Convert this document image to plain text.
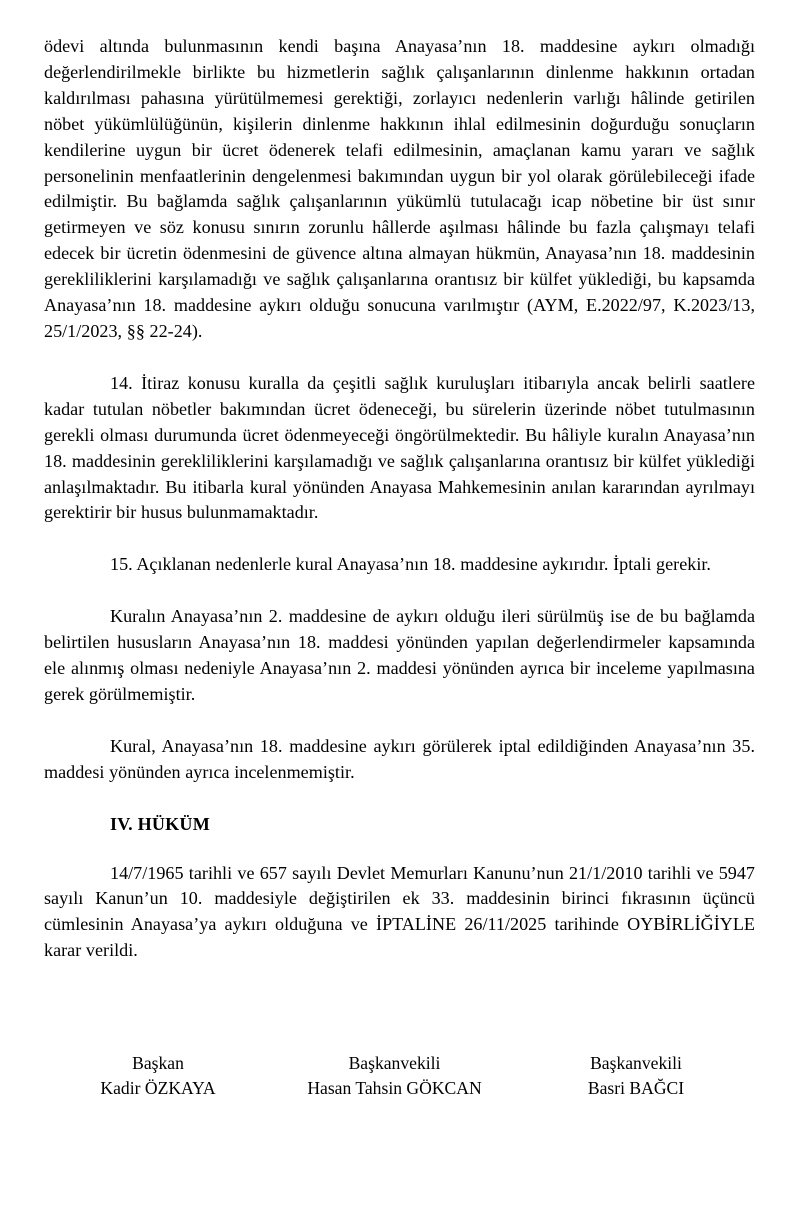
ödevi altında bulunmasının kendi başına Anayasa’nın 18. maddesine aykırı olmadığı değerlendirilmekle birlikte bu hizmetlerin sağlık çalışanlarının dinlenme hakkının ortadan kaldırılması pahasına yürütülmemesi gerektiği, zorlayıcı nedenlerin varlığı hâlinde getirilen nöbet yükümlülüğünün, kişilerin dinlenme hakkının ihlal edilmesinin doğurduğu sonuçların kendilerine uygun bir ücret ödenerek telafi edilmesinin, amaçlanan kamu yararı ve sağlık personelinin menfaatlerinin dengelenmesi bakımından uygun bir yol olarak görülebileceği ifade edilmiştir. Bu bağlamda sağlık çalışanlarının yükümlü tutulacağı icap nöbetine bir üst sınır getirmeyen ve söz konusu sınırın zorunlu hâllerde aşılması hâlinde bu fazla çalışmayı telafi edecek bir ücretin ödenmesini de güvence altına almayan hükmün, Anayasa’nın 18. maddesinin gerekliliklerini karşılamadığı ve sağlık çalışanlarına orantısız bir külfet yüklediği, bu kapsamda Anayasa’nın 18. maddesine aykırı olduğu sonucuna varılmıştır (AYM, E.2022/97, K.2023/13, 25/1/2023, §§ 22-24).

14. İtiraz konusu kuralla da çeşitli sağlık kuruluşları itibarıyla ancak belirli saatlere kadar tutulan nöbetler bakımından ücret ödeneceği, bu sürelerin üzerinde nöbet tutulmasının gerekli olması durumunda ücret ödenmeyeceği öngörülmektedir. Bu hâliyle kuralın Anayasa’nın 18. maddesinin gerekliliklerini karşılamadığı ve sağlık çalışanlarına orantısız bir külfet yüklediği anlaşılmaktadır. Bu itibarla kural yönünden Anayasa Mahkemesinin anılan kararından ayrılmayı gerektirir bir husus bulunmamaktadır.

15. Açıklanan nedenlerle kural Anayasa’nın 18. maddesine aykırıdır. İptali gerekir.

Kuralın Anayasa’nın 2. maddesine de aykırı olduğu ileri sürülmüş ise de bu bağlamda belirtilen hususların Anayasa’nın 18. maddesi yönünden yapılan değerlendirmeler kapsamında ele alınmış olması nedeniyle Anayasa’nın 2. maddesi yönünden ayrıca bir inceleme yapılmasına gerek görülmemiştir.

Kural, Anayasa’nın 18. maddesine aykırı görülerek iptal edildiğinden Anayasa’nın 35. maddesi yönünden ayrıca incelenmemiştir.

IV. HÜKÜM

14/7/1965 tarihli ve 657 sayılı Devlet Memurları Kanunu’nun 21/1/2010 tarihli ve 5947 sayılı Kanun’un 10. maddesiyle değiştirilen ek 33. maddesinin birinci fıkrasının üçüncü cümlesinin Anayasa’ya aykırı olduğuna ve İPTALİNE 26/11/2025 tarihinde OYBİRLİĞİYLE karar verildi.

Başkan
Kadir ÖZKAYA
Başkanvekili
Hasan Tahsin GÖKCAN
Başkanvekili
Basri BAĞCI
